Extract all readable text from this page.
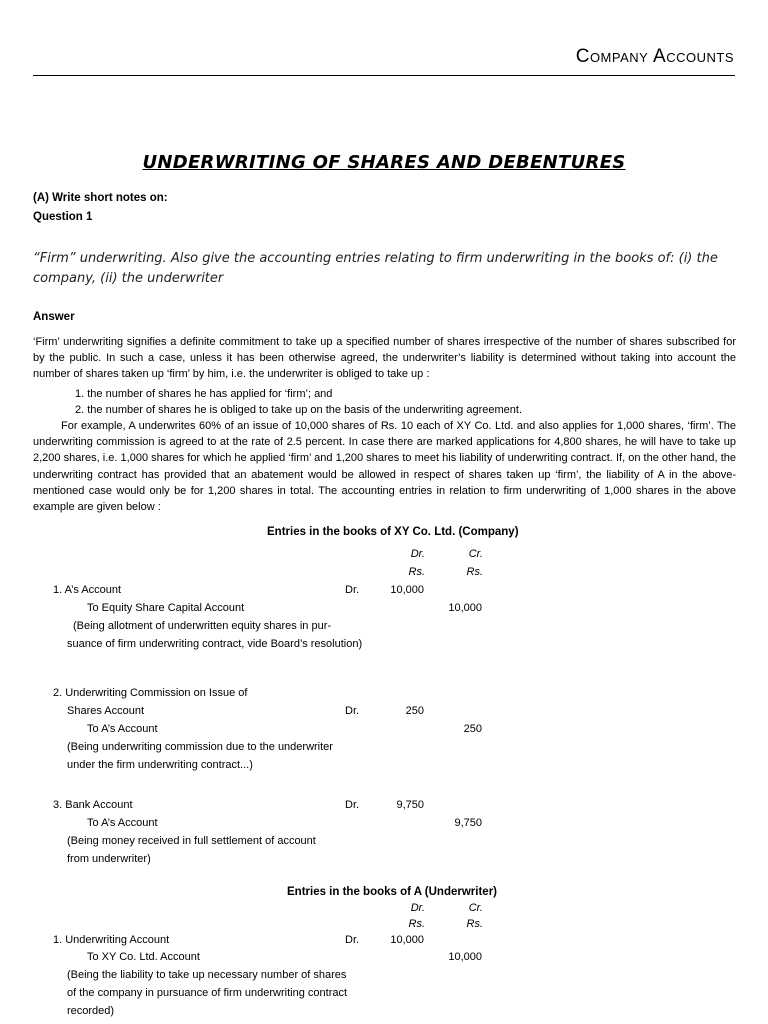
Company Accounts
UNDERWRITING OF SHARES AND DEBENTURES
(A) Write short notes on:
Question 1
“Firm” underwriting. Also give the accounting entries relating to firm underwriting in the books of: (i) the company, (ii) the underwriter
Answer
‘Firm’ underwriting signifies a definite commitment to take up a specified number of shares irrespective of the number of shares subscribed for by the public. In such a case, unless it has been otherwise agreed, the underwriter’s liability is determined without taking into account the number of shares taken up ‘firm’ by him, i.e. the underwriter is obliged to take up :
1. the number of shares he has applied for ‘firm’; and
2. the number of shares he is obliged to take up on the basis of the underwriting agreement.
For example, A underwrites 60% of an issue of 10,000 shares of Rs. 10 each of XY Co. Ltd. and also applies for 1,000 shares, ‘firm’. The underwriting commission is agreed to at the rate of 2.5 percent. In case there are marked applications for 4,800 shares, he will have to take up 2,200 shares, i.e. 1,000 shares for which he applied ‘firm’ and 1,200 shares to meet his liability of underwriting contract. If, on the other hand, the underwriting contract has provided that an abatement would be allowed in respect of shares taken up ‘firm’, the liability of A in the above-mentioned case would only be for 1,200 shares in total. The accounting entries in relation to firm underwriting of 1,000 shares in the above example are given below :
Entries in the books of XY Co. Ltd. (Company)
Dr.	Cr.
Rs.	Rs.
1. A’s Account	Dr.	10,000
To Equity Share Capital Account	10,000
(Being allotment of underwritten equity shares in pur-
suance of firm underwriting contract, vide Board’s resolution)
2. Underwriting Commission on Issue of
Shares Account	Dr.	250
To A’s Account	250
(Being underwriting commission due to the underwriter
under the firm underwriting contract...)
3. Bank Account	Dr.	9,750
To A’s Account	9,750
(Being money received in full settlement of account
from underwriter)
Entries in the books of A (Underwriter)
Dr.	Cr.
Rs.	Rs.
1. Underwriting Account	Dr.	10,000
To XY Co. Ltd. Account	10,000
(Being the liability to take up necessary number of shares
of the company in pursuance of firm underwriting contract
recorded)
